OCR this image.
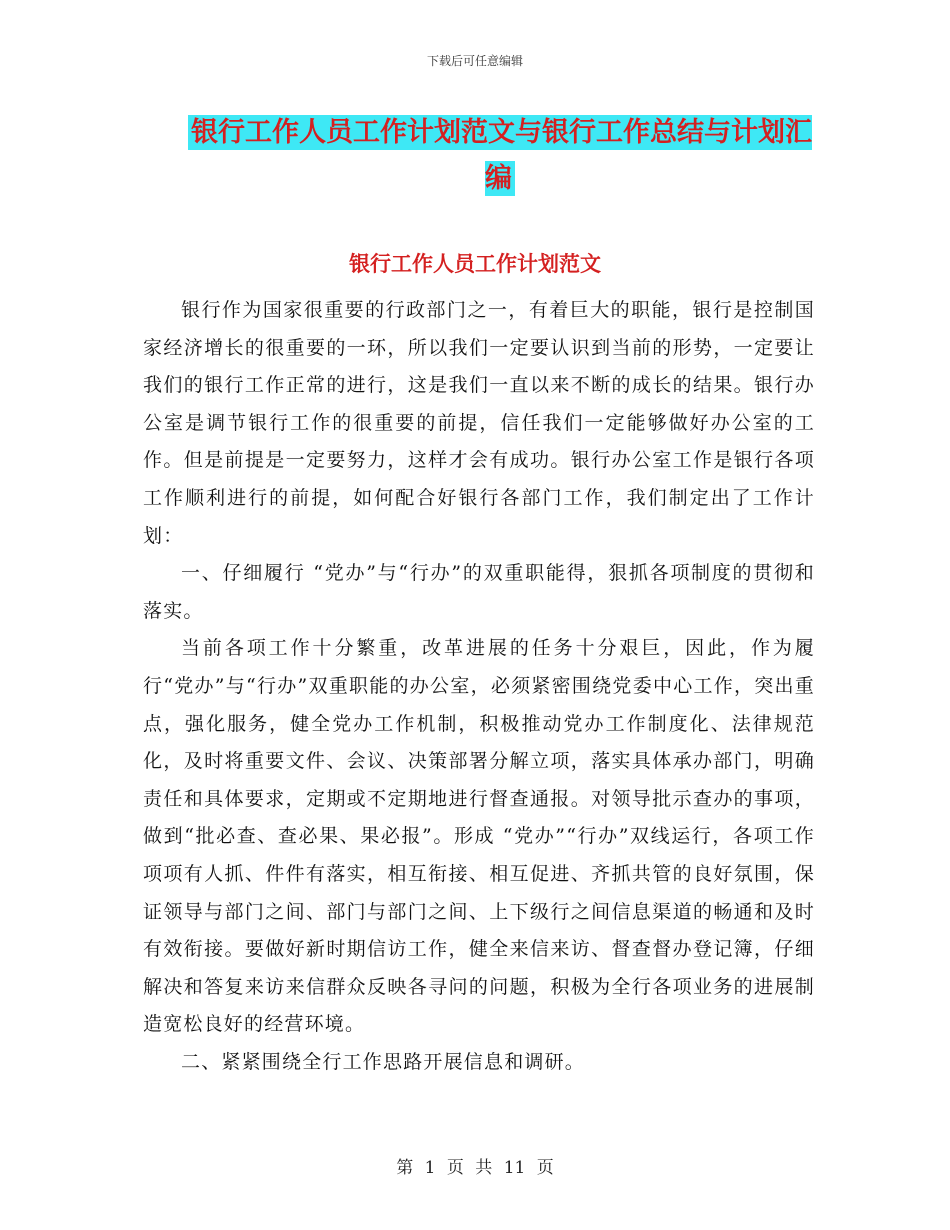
下载后可任意编辑
银行工作人员工作计划范文与银行工作总结与计划汇编
银行工作人员工作计划范文

银行作为国家很重要的行政部门之一，有着巨大的职能，银行是控制国家经济增长的很重要的一环，所以我们一定要认识到当前的形势，一定要让我们的银行工作正常的进行，这是我们一直以来不断的成长的结果。银行办公室是调节银行工作的很重要的前提，信任我们一定能够做好办公室的工作。但是前提是一定要努力，这样才会有成功。银行办公室工作是银行各项工作顺利进行的前提，如何配合好银行各部门工作，我们制定出了工作计划：

一、仔细履行 “党办”与“行办”的双重职能得，狠抓各项制度的贯彻和落实。

当前各项工作十分繁重，改革进展的任务十分艰巨，因此，作为履行“党办”与“行办”双重职能的办公室，必须紧密围绕党委中心工作，突出重点，强化服务，健全党办工作机制，积极推动党办工作制度化、法律规范化，及时将重要文件、会议、决策部署分解立项，落实具体承办部门，明确责任和具体要求，定期或不定期地进行督查通报。对领导批示查办的事项，做到“批必查、查必果、果必报”。形成 “党办”“行办”双线运行，各项工作项项有人抓、件件有落实，相互衔接、相互促进、齐抓共管的良好氛围，保证领导与部门之间、部门与部门之间、上下级行之间信息渠道的畅通和及时有效衔接。要做好新时期信访工作，健全来信来访、督查督办登记簿，仔细解决和答复来访来信群众反映各寻问的问题，积极为全行各项业务的进展制造宽松良好的经营环境。

二、紧紧围绕全行工作思路开展信息和调研。

第 1 页 共 11 页
